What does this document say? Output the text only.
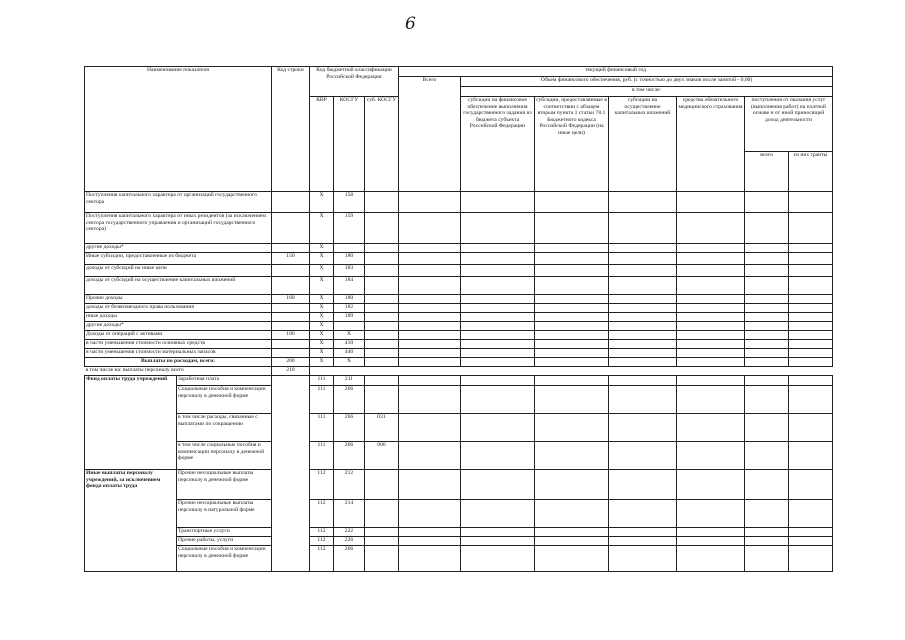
6
Наименование показателя		Код строки	Код бюджетной классификации Российской Федерации			текущий финансовый год						
						Всего	Объем финансового обеспечения, руб. (с точностью до двух знаков после запятой - 0,00)					
							в том числе:					
			КВР	КОСГУ	суб. КОСГУ		субсидии на финансовое обеспечение выполнения государственного задания из бюджета субъекта Российской Федерации	субсидии, предоставляемые в соответствии с абзацем вторым пункта 1 статьи 78.1 Бюджетного кодекса Российской Федерации (на иные цели)	субсидии на осуществление капитальных вложений	средства обязательного медицинского страхования	поступления от оказания услуг (выполнения работ) на платной основе и от иной приносящей доход деятельности	
											всего	из них гранты
Поступления капитального характера от организаций государственного сектора			X	158								
Поступления капитального характера от иных резидентов (за исключением сектора государственного управления и организаций государственного сектора)			X	159								
другие доходы*			X									
Иные субсидии, предоставленные из бюджета		150	X	180								
доходы от субсидий на иные цели			X	183								
доходы от субсидий на осуществление капитальных вложений			X	184								
Прочие доходы		160	X	180								
доходы от безвозмездного права пользования			X	182								
иные доходы			X	189								
другие доходы*			X									
Доходы от операций с активами		180	X	X								
в части уменьшения стоимости основных средств			X	410								
в части уменьшения стоимости материальных запасов			X	440								
Выплаты по расходам, всего:		200	X	X								
в том числе на: выплаты персоналу всего		210										
Фонд оплаты труда учреждений	Заработная плата		111	211								
	Социальные пособия и компенсации персоналу в денежной форме		111	266								
	в том числе расходы, связанные с выплатами по сокращению		111	266	031							
	в том числе социальные пособия и компенсации персоналу в денежной форме		111	266	000							
Иные выплаты персоналу учреждений, за исключением фонда оплаты труда	Прочие несоциальные выплаты персоналу в денежной форме		112	212								
	Прочие несоциальные выплаты персоналу в натуральной форме		112	214								
	Транспортные услуги		112	222								
	Прочие работы, услуги		112	226								
	Социальные пособия и компенсации персоналу в денежной форме		112	266								
